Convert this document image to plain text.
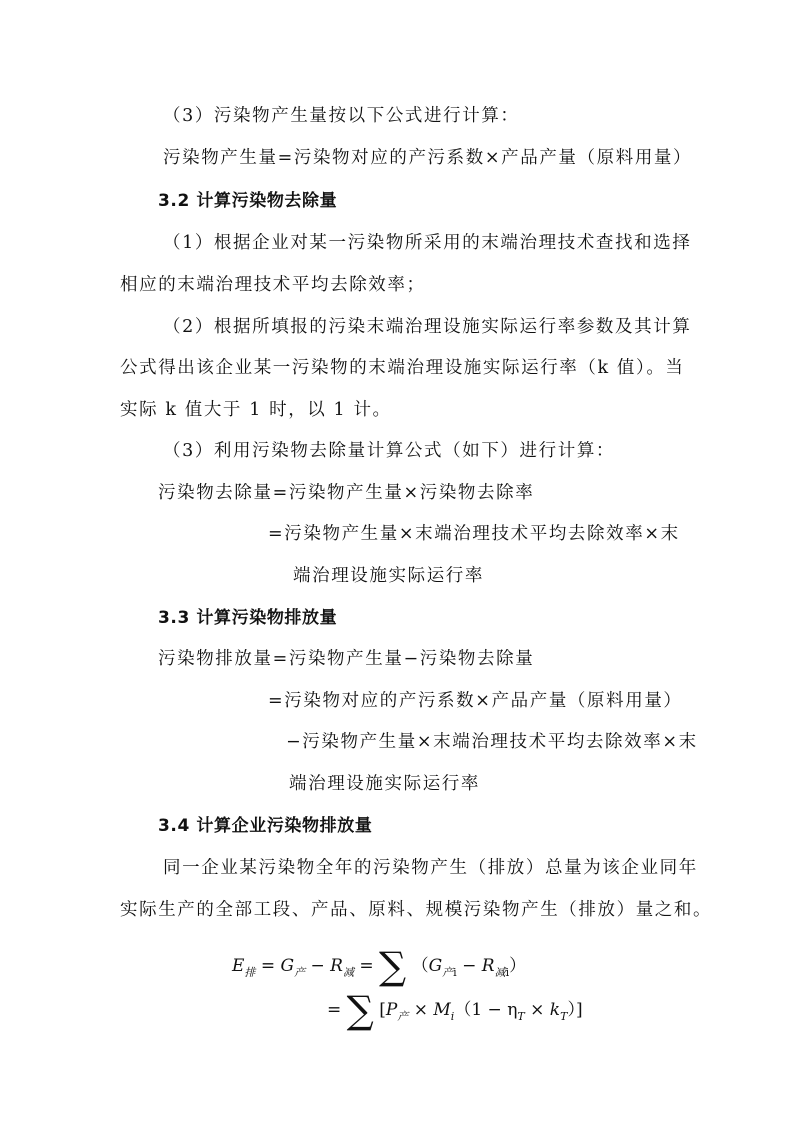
（3）污染物产生量按以下公式进行计算：
污染物产生量=污染物对应的产污系数×产品产量（原料用量）
3.2 计算污染物去除量
（1）根据企业对某一污染物所采用的末端治理技术查找和选择
相应的末端治理技术平均去除效率；
（2）根据所填报的污染末端治理设施实际运行率参数及其计算
公式得出该企业某一污染物的末端治理设施实际运行率（k 值）。当
实际 k 值大于 1 时，以 1 计。
（3）利用污染物去除量计算公式（如下）进行计算：
污染物去除量=污染物产生量×污染物去除率
=污染物产生量×末端治理技术平均去除效率×末
端治理设施实际运行率
3.3 计算污染物排放量
污染物排放量=污染物产生量−污染物去除量
=污染物对应的产污系数×产品产量（原料用量）
−污染物产生量×末端治理技术平均去除效率×末
端治理设施实际运行率
3.4 计算企业污染物排放量
同一企业某污染物全年的污染物产生（排放）总量为该企业同年
实际生产的全部工段、产品、原料、规模污染物产生（排放）量之和。
$E_排 = G_产 - R_减$ = ∑ $(G_{产i} - R_{减i})$
= ∑ $[P_产 \times M_i(1 - \eta_T \times k_T)]$
